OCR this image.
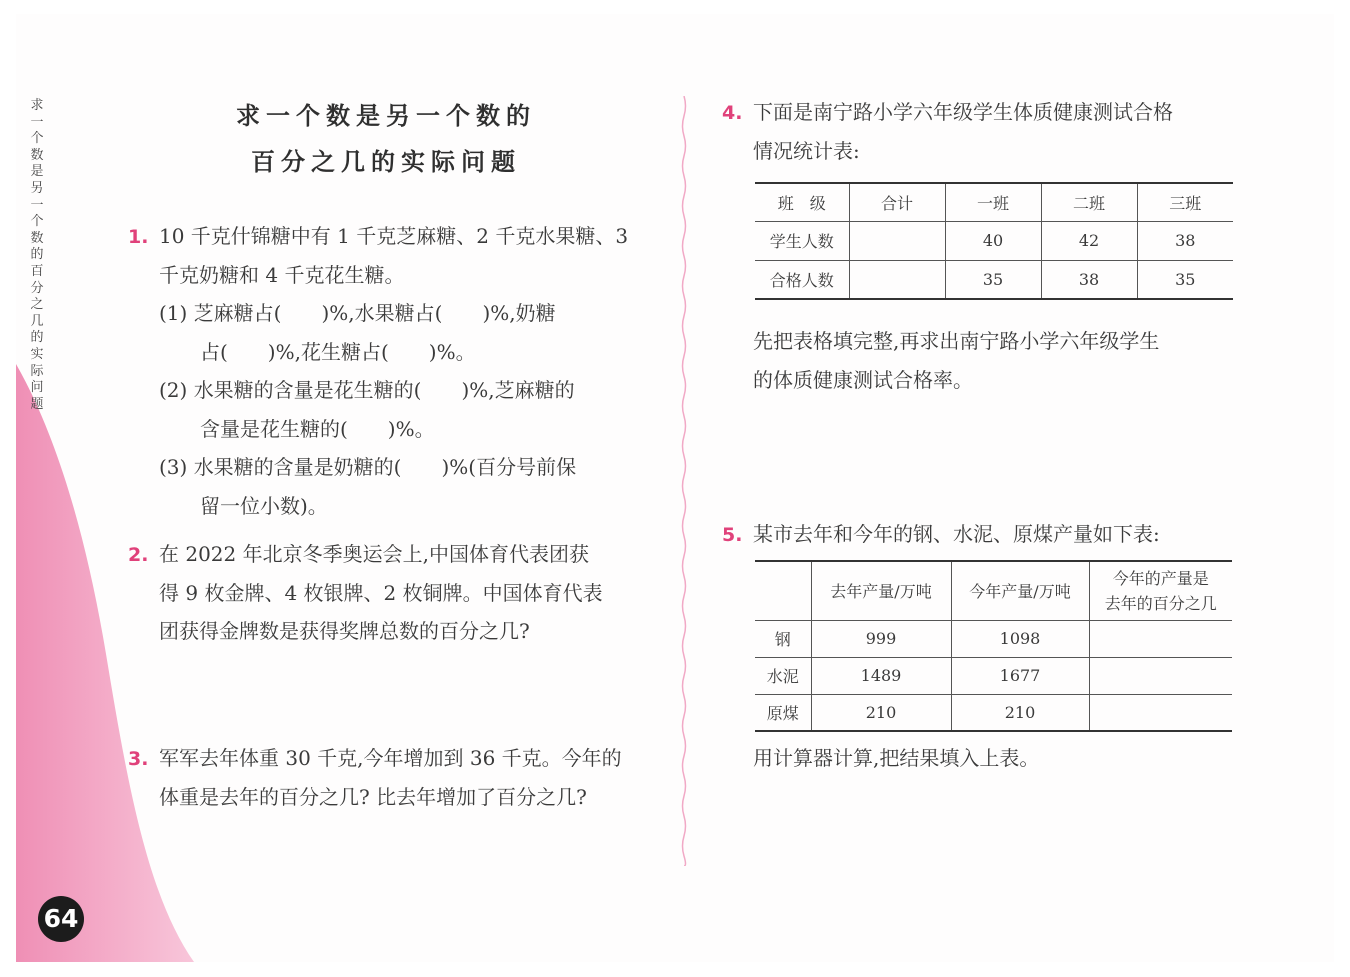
求一个数是另一个数的百分之几的实际问题
64
求一个数是另一个数的
百分之几的实际问题
1. 10 千克什锦糖中有 1 千克芝麻糖、2 千克水果糖、3
千克奶糖和 4 千克花生糖。
(1) 芝麻糖占(　　)%,水果糖占(　　)%,奶糖
占(　　)%,花生糖占(　　)%。
(2) 水果糖的含量是花生糖的(　　)%,芝麻糖的
含量是花生糖的(　　)%。
(3) 水果糖的含量是奶糖的(　　)%(百分号前保
留一位小数)。
2. 在 2022 年北京冬季奥运会上,中国体育代表团获
得 9 枚金牌、4 枚银牌、2 枚铜牌。中国体育代表
团获得金牌数是获得奖牌总数的百分之几?
3. 军军去年体重 30 千克,今年增加到 36 千克。今年的
体重是去年的百分之几? 比去年增加了百分之几?
4. 下面是南宁路小学六年级学生体质健康测试合格
情况统计表:
班　级	合计	一班	二班	三班
学生人数		40	42	38
合格人数		35	38	35
先把表格填完整,再求出南宁路小学六年级学生
的体质健康测试合格率。
5. 某市去年和今年的钢、水泥、原煤产量如下表:
	去年产量/万吨	今年产量/万吨	今年的产量是
去年的百分之几

钢	999	1098	
水泥	1489	1677	
原煤	210	210	
用计算器计算,把结果填入上表。
